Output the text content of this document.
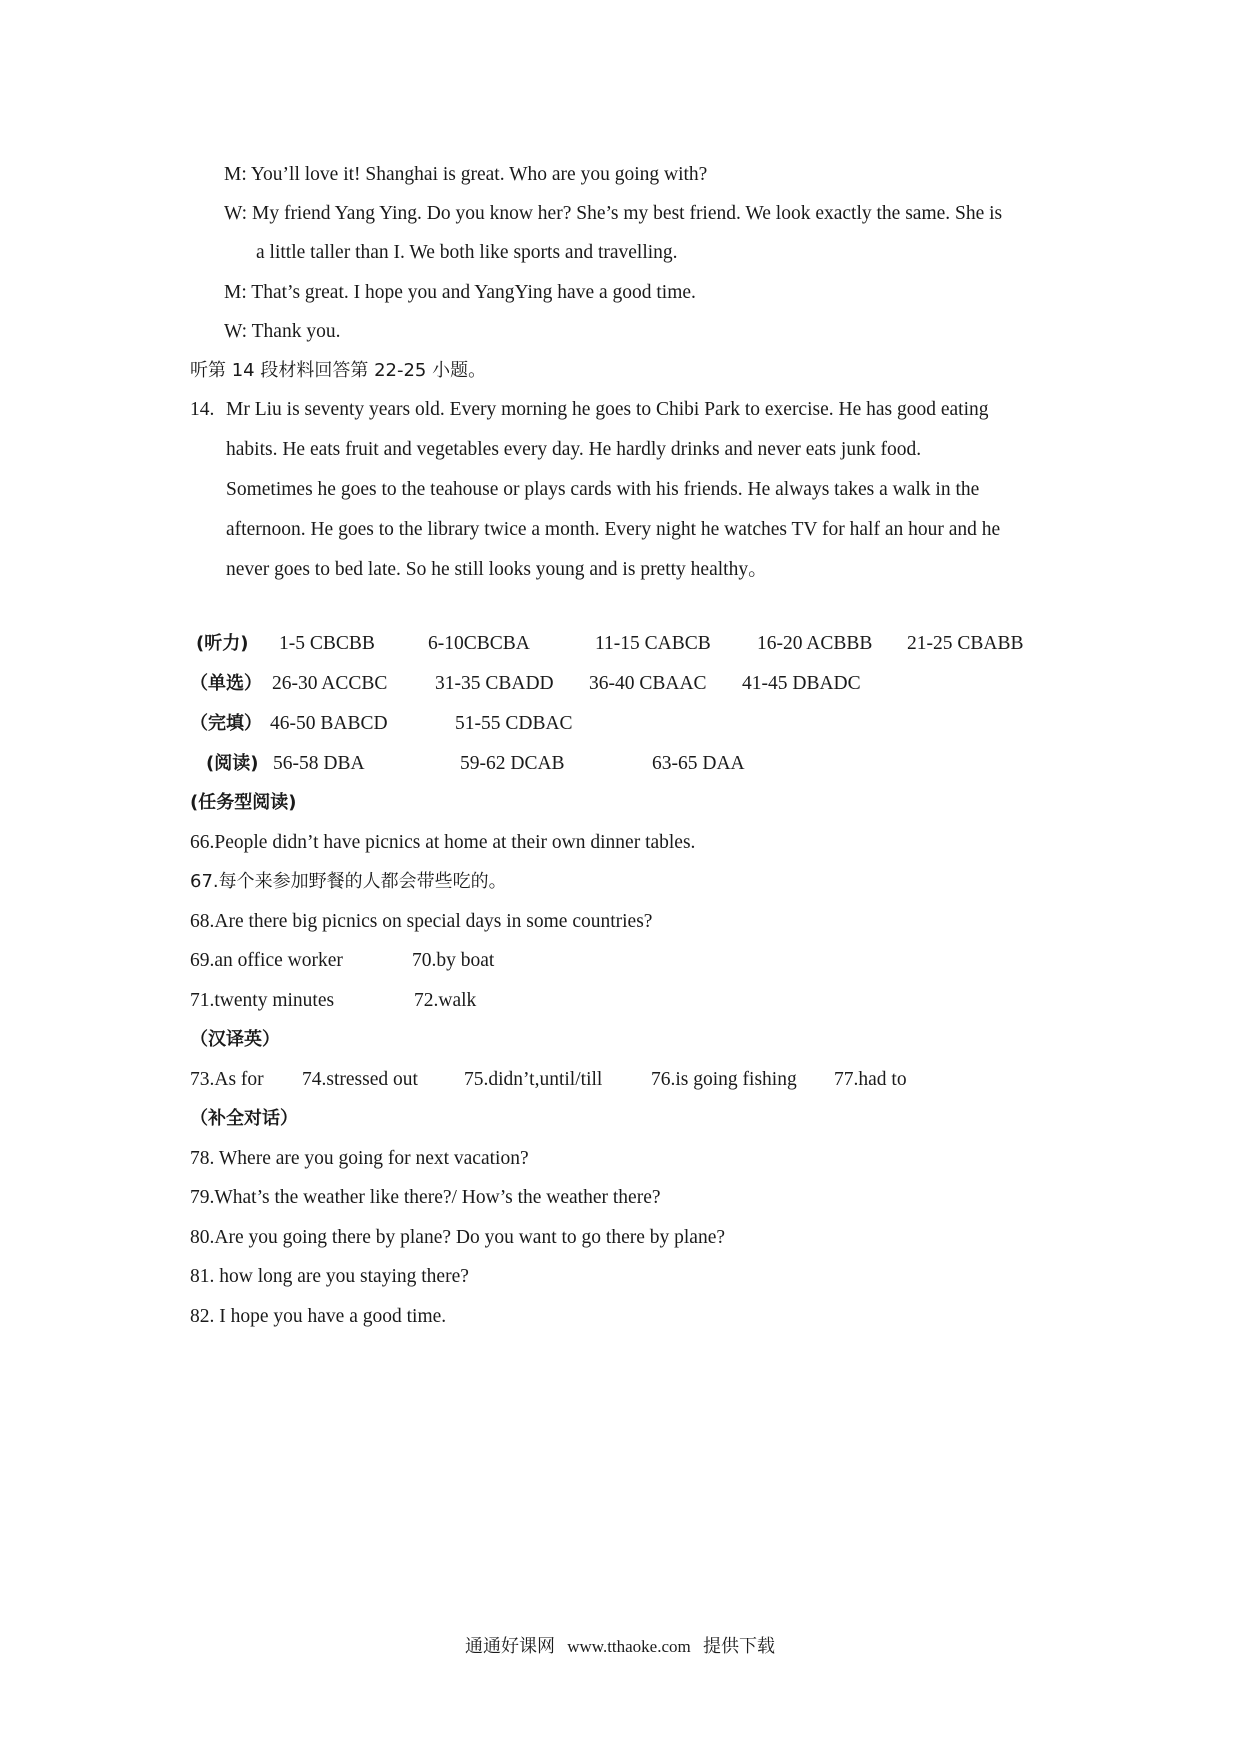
M: You’ll love it! Shanghai is great. Who are you going with?
W: My friend Yang Ying. Do you know her? She’s my best friend. We look exactly the same. She is
a little taller than I. We both like sports and travelling.
M: That’s great. I hope you and YangYing have a good time.
W: Thank you.
听第 14 段材料回答第 22-25 小题。
14. Mr Liu is seventy years old. Every morning he goes to Chibi Park to exercise. He has good eating
habits. He eats fruit and vegetables every day. He hardly drinks and never eats junk food.
Sometimes he goes to the teahouse or plays cards with his friends. He always takes a walk in the
afternoon. He goes to the library twice a month. Every night he watches TV for half an hour and he
never goes to bed late. So he still looks young and is pretty healthy。
(听力) 1-5 CBCBB	6-10CBCBA	11-15 CABCB 16-20 ACBBB 21-25 CBABB
（单选） 26-30 ACCBC 31-35 CBADD 36-40 CBAAC 41-45 DBADC
（完填） 46-50 BABCD	51-55 CDBAC
(阅读) 56-58 DBA	59-62 DCAB	63-65 DAA
(任务型阅读)
66.People didn’t have picnics at home at their own dinner tables.
67.每个来参加野餐的人都会带些吃的。
68.Are there big picnics on special days in some countries?
69.an office worker	70.by boat
71.twenty minutes	72.walk
（汉译英）
73.As for 74.stressed out 75.didn’t,until/till 76.is going fishing 77.had to
（补全对话）
78. Where are you going for next vacation?
79.What’s the weather like there?/ How’s the weather there?
80.Are you going there by plane? Do you want to go there by plane?
81. how long are you staying there?
82. I hope you have a good time.
通通好课网 www.tthaoke.com 提供下载
